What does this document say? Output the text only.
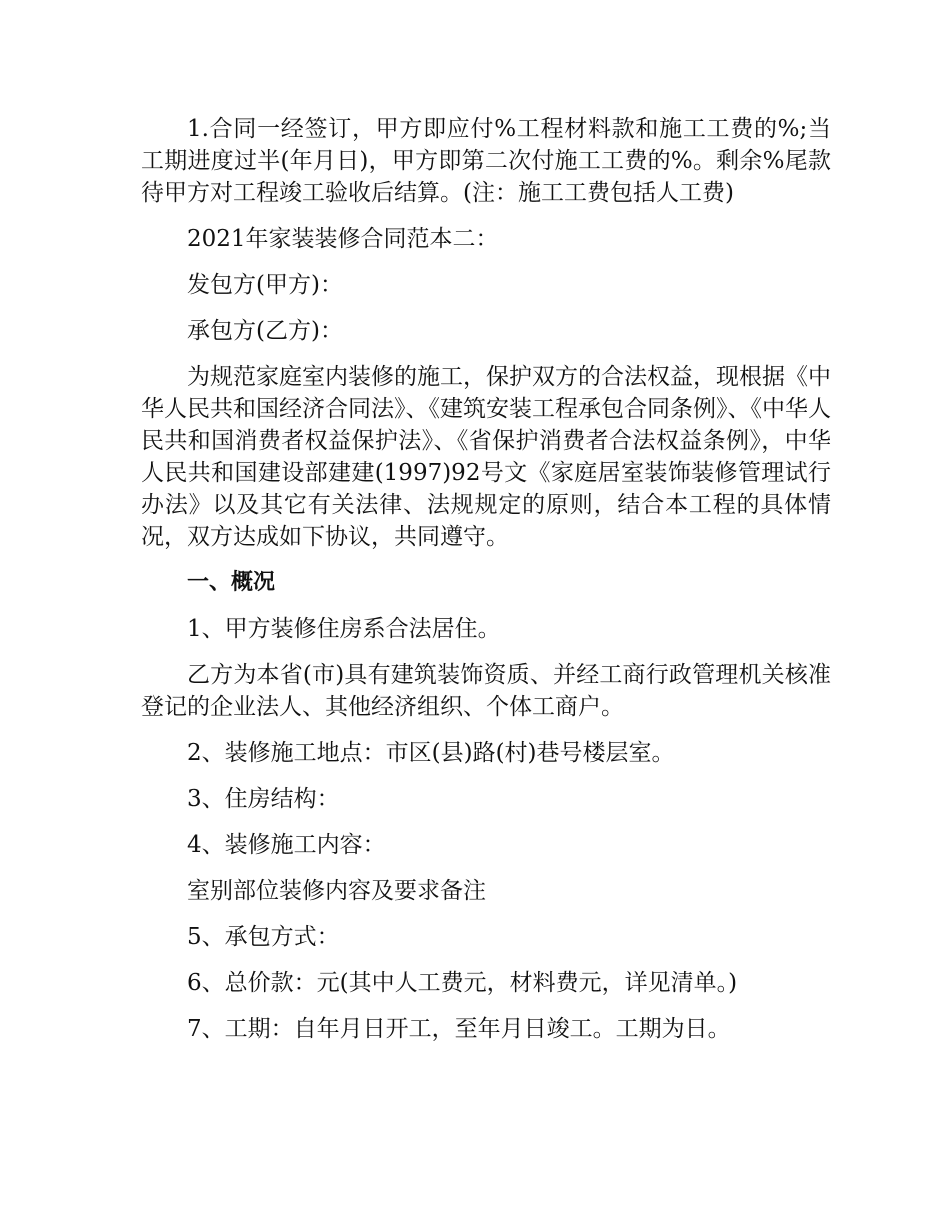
1.合同一经签订，甲方即应付%工程材料款和施工工费的%;当工期进度过半(年月日)，甲方即第二次付施工工费的%。剩余%尾款待甲方对工程竣工验收后结算。(注：施工工费包括人工费)

2021年家装装修合同范本二：

发包方(甲方)：

承包方(乙方)：

为规范家庭室内装修的施工，保护双方的合法权益，现根据《中华人民共和国经济合同法》、《建筑安装工程承包合同条例》、《中华人民共和国消费者权益保护法》、《省保护消费者合法权益条例》，中华人民共和国建设部建建(1997)92号文《家庭居室装饰装修管理试行办法》以及其它有关法律、法规规定的原则，结合本工程的具体情况，双方达成如下协议，共同遵守。

一、概况

1、甲方装修住房系合法居住。

乙方为本省(市)具有建筑装饰资质、并经工商行政管理机关核准登记的企业法人、其他经济组织、个体工商户。

2、装修施工地点：市区(县)路(村)巷号楼层室。

3、住房结构：

4、装修施工内容：

室别部位装修内容及要求备注

5、承包方式：

6、总价款：元(其中人工费元，材料费元，详见清单。)

7、工期：自年月日开工，至年月日竣工。工期为日。
